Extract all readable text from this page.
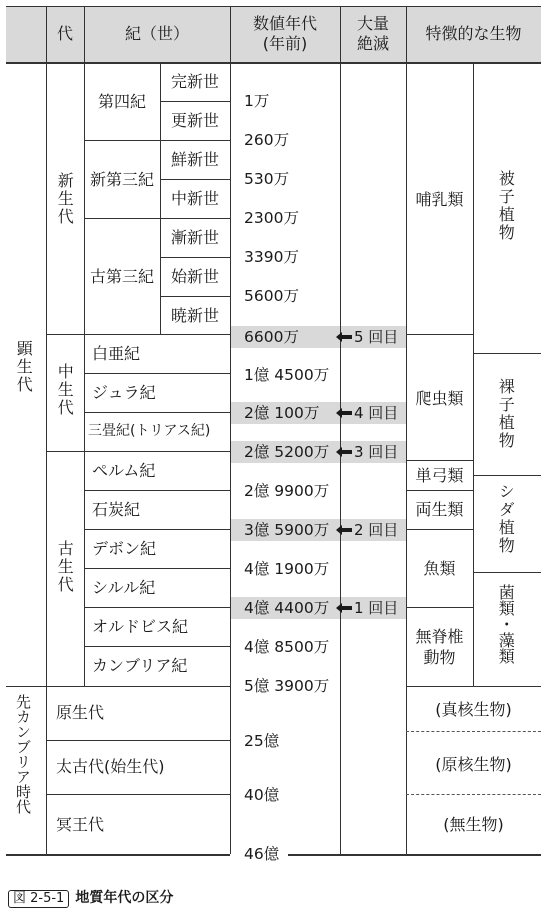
代	紀（世）
数値年代
(年前)
大量
絶滅
特徴的な生物
顕生代
先カンブリア時代
新生代
中生代
古生代
第四紀
新第三紀
古第三紀
完新世
更新世
鮮新世
中新世
漸新世
始新世
暁新世
白亜紀
ジュラ紀
三畳紀(トリアス紀)
ペルム紀
石炭紀
デボン紀
シルル紀
オルドビス紀
カンブリア紀
原生代
太古代(始生代)
冥王代
1万
260万
530万
2300万
3390万
5600万
6600万
1億 4500万
2億 100万
2億 5200万
2億 9900万
3億 5900万
4億 1900万
4億 4400万
4億 8500万
5億 3900万
25億
40億
46億
5 回目
4 回目
3 回目
2 回目
1 回目
哺乳類
爬虫類
単弓類
両生類
魚類
無脊椎
動物
被子植物
裸子植物
シダ植物
菌類・藻類
(真核生物)
(原核生物)
(無生物)
図 2-5-1 地質年代の区分
